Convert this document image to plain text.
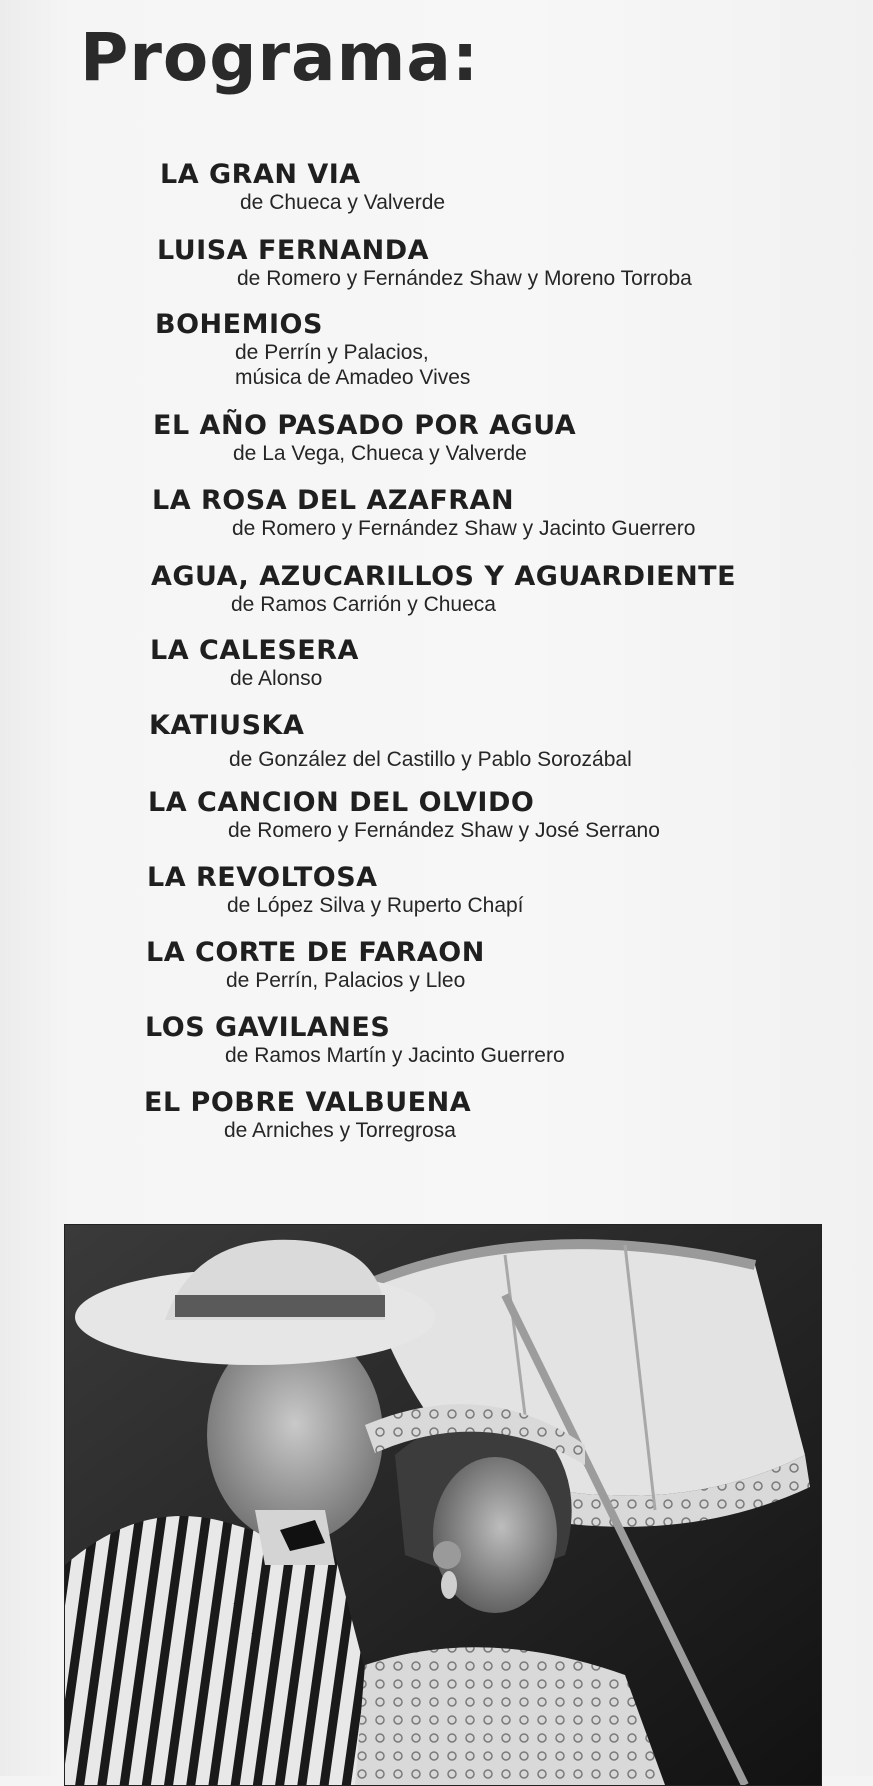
Programa:
LA GRAN VIA
de Chueca y Valverde
LUISA FERNANDA
de Romero y Fernández Shaw y Moreno Torroba
BOHEMIOS
de Perrín y Palacios,
música de Amadeo Vives
EL AÑO PASADO POR AGUA
de La Vega, Chueca y Valverde
LA ROSA DEL AZAFRAN
de Romero y Fernández Shaw y Jacinto Guerrero
AGUA, AZUCARILLOS Y AGUARDIENTE
de Ramos Carrión y Chueca
LA CALESERA
de Alonso
KATIUSKA
de González del Castillo y Pablo Sorozábal
LA CANCION DEL OLVIDO
de Romero y Fernández Shaw y José Serrano
LA REVOLTOSA
de López Silva y Ruperto Chapí
LA CORTE DE FARAON
de Perrín, Palacios y Lleo
LOS GAVILANES
de Ramos Martín y Jacinto Guerrero
EL POBRE VALBUENA
de Arniches y Torregrosa
